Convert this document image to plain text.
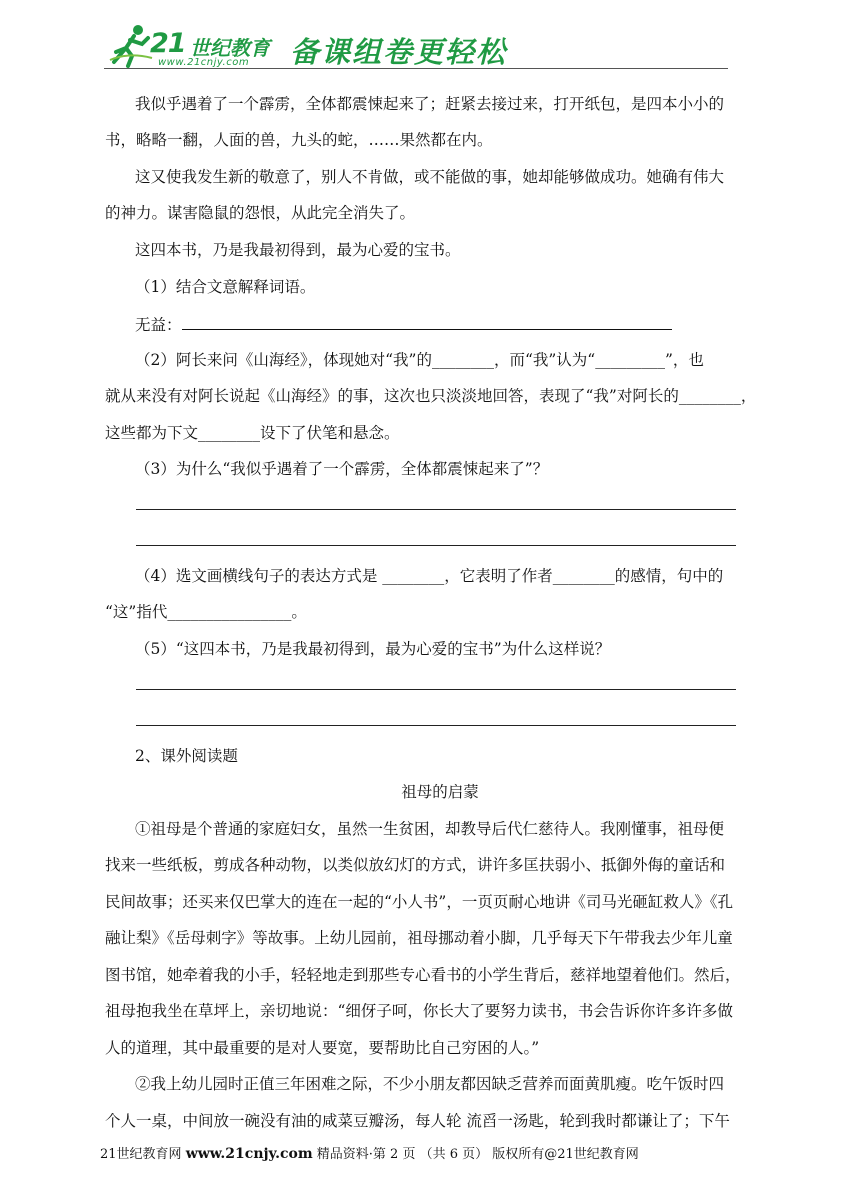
21 世纪教育
www.21cnjy.com 备课组卷更轻松
我似乎遇着了一个霹雳，全体都震悚起来了；赶紧去接过来，打开纸包，是四本小小的
书，略略一翻，人面的兽，九头的蛇，……果然都在内。
这又使我发生新的敬意了，别人不肯做，或不能做的事，她却能够做成功。她确有伟大
的神力。谋害隐鼠的怨恨，从此完全消失了。
这四本书，乃是我最初得到，最为心爱的宝书。
（1）结合文意解释词语。
无益：
（2）阿长来问《山海经》，体现她对“我”的________，而“我”认为“_________”，也
就从来没有对阿长说起《山海经》的事，这次也只淡淡地回答，表现了“我”对阿长的________，
这些都为下文________设下了伏笔和悬念。
（3）为什么“我似乎遇着了一个霹雳，全体都震悚起来了”？
（4）选文画横线句子的表达方式是 ________，它表明了作者________的感情，句中的
“这”指代________________。
（5）“这四本书，乃是我最初得到，最为心爱的宝书”为什么这样说？
2、课外阅读题
祖母的启蒙
①祖母是个普通的家庭妇女，虽然一生贫困，却教导后代仁慈待人。我刚懂事，祖母便
找来一些纸板，剪成各种动物，以类似放幻灯的方式，讲许多匡扶弱小、抵御外侮的童话和
民间故事；还买来仅巴掌大的连在一起的“小人书”，一页页耐心地讲《司马光砸缸救人》《孔
融让梨》《岳母刺字》等故事。上幼儿园前，祖母挪动着小脚，几乎每天下午带我去少年儿童
图书馆，她牵着我的小手，轻轻地走到那些专心看书的小学生背后，慈祥地望着他们。然后，
祖母抱我坐在草坪上，亲切地说：“细伢子呵，你长大了要努力读书，书会告诉你许多许多做
人的道理，其中最重要的是对人要宽，要帮助比自己穷困的人。”
②我上幼儿园时正值三年困难之际，不少小朋友都因缺乏营养而面黄肌瘦。吃午饭时四
个人一桌，中间放一碗没有油的咸菜豆瓣汤，每人轮 流舀一汤匙，轮到我时都谦让了；下午
21世纪教育网 www.21cnjy.com 精品资料·第 2 页 （共 6 页） 版权所有@21世纪教育网
